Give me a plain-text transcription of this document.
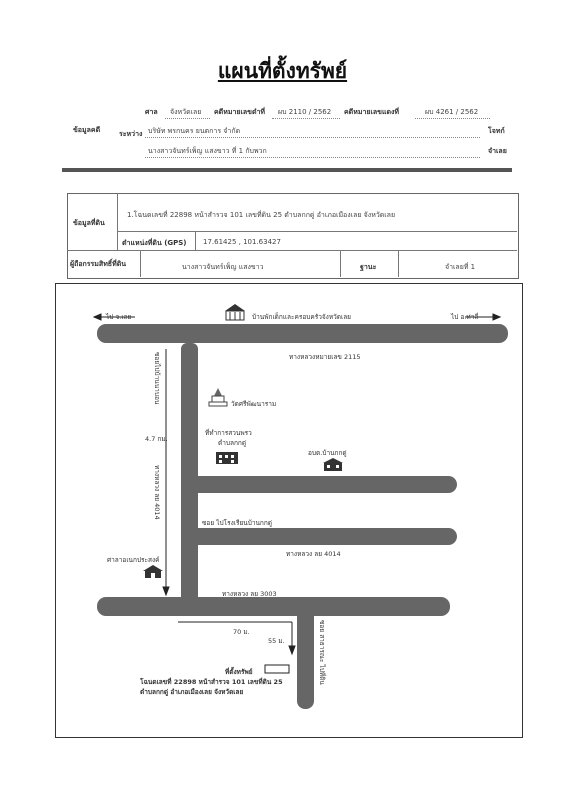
แผนที่ตั้งทรัพย์
ศาล จังหวัดเลย คดีหมายเลขดำที่ ผบ 2110 / 2562 คดีหมายเลขแดงที่	ผบ 4261 / 2562
ข้อมูลคดี	ระหว่าง บริษัท พรกนคร ยนตการ จำกัด	โจทก์
นางสาวจันทร์เพ็ญ แสงขาว ที่ 1 กับพวก	จำเลย
ข้อมูลที่ดิน
1.โฉนดเลขที่ 22898 หน้าสำรวจ 101 เลขที่ดิน 25 ตำบลกกดู่ อำเภอเมืองเลย จังหวัดเลย
ตำแหน่งที่ดิน (GPS) 17.61425 , 101.63427
ผู้ถือกรรมสิทธิ์ที่ดิน	นางสาวจันทร์เพ็ญ แสงขาว	ฐานะ	จำเลยที่ 1
ไป จ.เลย	ไป อ.ท่าลี่
บ้านพักเด็กและครอบครัวจังหวัดเลย
ทางหลวงหมายเลข 2115
ซอยไปบ้านนาบอน	วัดศรีพัฒนาราม
4.7 กม.
ที่ทำการสวนพรว
ตำบลกกดู่
อบต.บ้านกกดู่
ทางหลวง ลย 4014
ซอย ไปโรงเรียนบ้านกกดู่
ทางหลวง ลย 4014
ศาลาอเนกประสงค์
ทางหลวง ลย 3003
70 ม.
55 ม.	ซอย สาธารณะ ไปที่ดิน
ที่ตั้งทรัพย์
โฉนดเลขที่ 22898 หน้าสำรวจ 101 เลขที่ดิน 25
ตำบลกกดู่ อำเภอเมืองเลย จังหวัดเลย
